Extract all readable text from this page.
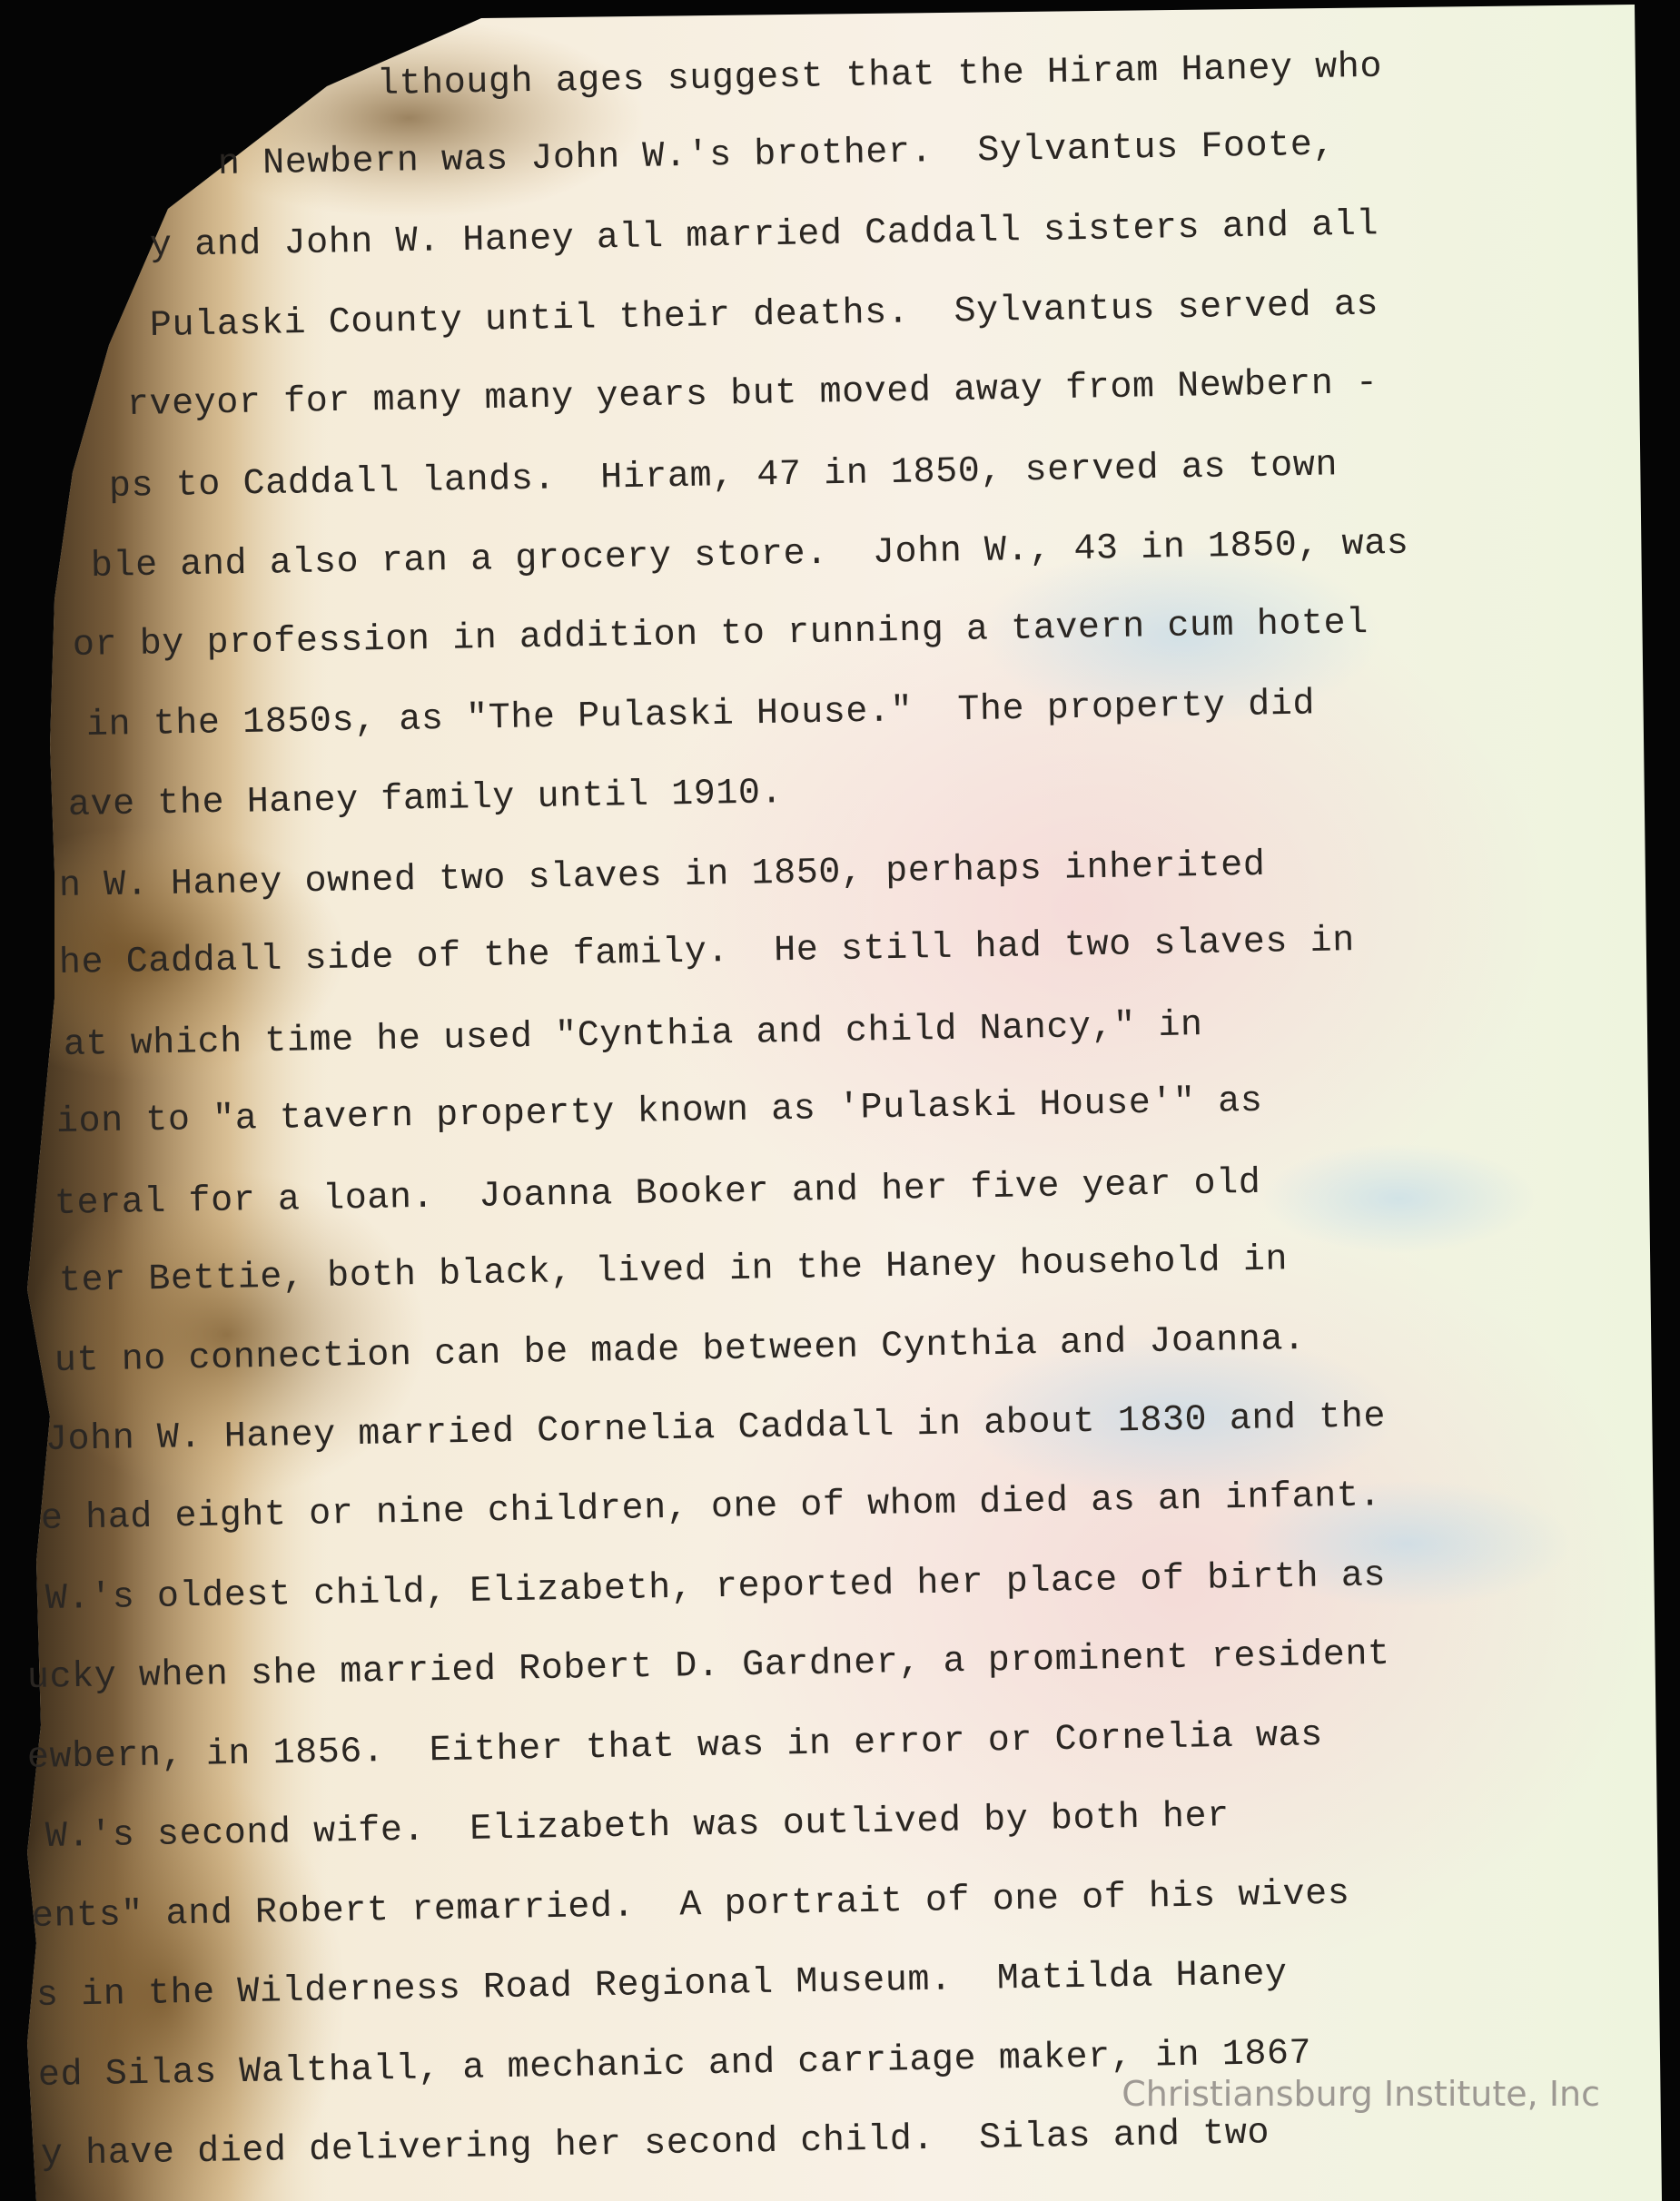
lthough ages suggest that the Hiram Haney who
n Newbern was John W.'s brother.  Sylvantus Foote,
y and John W. Haney all married Caddall sisters and all
Pulaski County until their deaths.  Sylvantus served as
rveyor for many many years but moved away from Newbern -
ps to Caddall lands.  Hiram, 47 in 1850, served as town
ble and also ran a grocery store.  John W., 43 in 1850, was
or by profession in addition to running a tavern cum hotel
in the 1850s, as "The Pulaski House."  The property did
ave the Haney family until 1910.
n W. Haney owned two slaves in 1850, perhaps inherited
he Caddall side of the family.  He still had two slaves in
at which time he used "Cynthia and child Nancy," in
ion to "a tavern property known as 'Pulaski House'" as
teral for a loan.  Joanna Booker and her five year old
ter Bettie, both black, lived in the Haney household in
ut no connection can be made between Cynthia and Joanna.
John W. Haney married Cornelia Caddall in about 1830 and the
e had eight or nine children, one of whom died as an infant.
W.'s oldest child, Elizabeth, reported her place of birth as
ucky when she married Robert D. Gardner, a prominent resident
ewbern, in 1856.  Either that was in error or Cornelia was
W.'s second wife.  Elizabeth was outlived by both her
ents" and Robert remarried.  A portrait of one of his wives
s in the Wilderness Road Regional Museum.  Matilda Haney
ed Silas Walthall, a mechanic and carriage maker, in 1867
y have died delivering her second child.  Silas and two
Christiansburg Institute, Inc
